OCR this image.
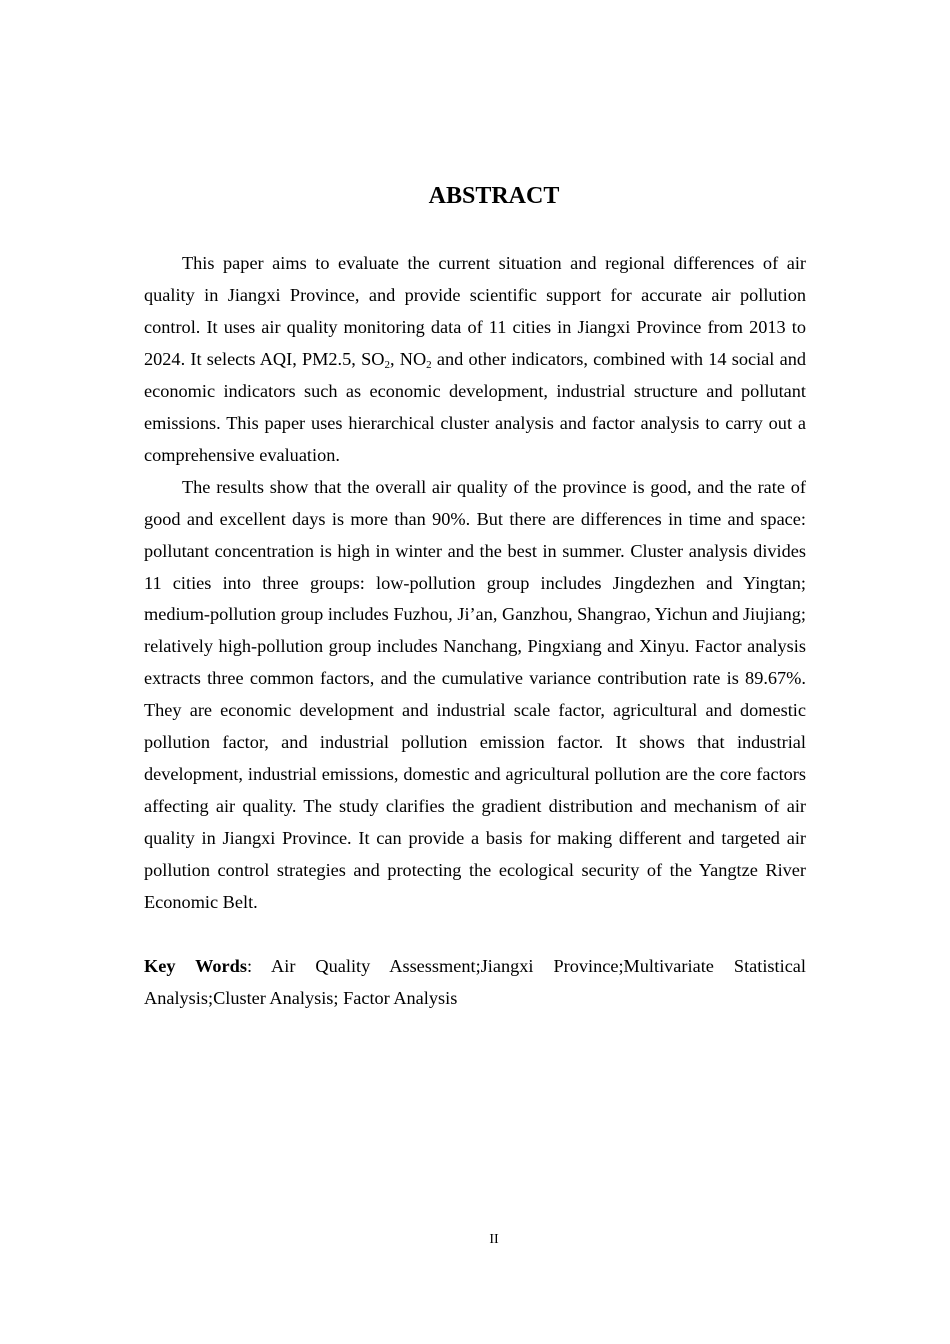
ABSTRACT

This paper aims to evaluate the current situation and regional differences of air quality in Jiangxi Province, and provide scientific support for accurate air pollution control. It uses air quality monitoring data of 11 cities in Jiangxi Province from 2013 to 2024. It selects AQI, PM2.5, $SO_2$, $NO_2$ and other indicators, combined with 14 social and economic indicators such as economic development, industrial structure and pollutant emissions. This paper uses hierarchical cluster analysis and factor analysis to carry out a comprehensive evaluation.

The results show that the overall air quality of the province is good, and the rate of good and excellent days is more than 90%. But there are differences in time and space: pollutant concentration is high in winter and the best in summer. Cluster analysis divides 11 cities into three groups: low-pollution group includes Jingdezhen and Yingtan; medium-pollution group includes Fuzhou, Ji’an, Ganzhou, Shangrao, Yichun and Jiujiang; relatively high-pollution group includes Nanchang, Pingxiang and Xinyu. Factor analysis extracts three common factors, and the cumulative variance contribution rate is 89.67%. They are economic development and industrial scale factor, agricultural and domestic pollution factor, and industrial pollution emission factor. It shows that industrial development, industrial emissions, domestic and agricultural pollution are the core factors affecting air quality. The study clarifies the gradient distribution and mechanism of air quality in Jiangxi Province. It can provide a basis for making different and targeted air pollution control strategies and protecting the ecological security of the Yangtze River Economic Belt.

Key Words: Air Quality Assessment;Jiangxi Province;Multivariate Statistical Analysis;Cluster Analysis; Factor Analysis

II
